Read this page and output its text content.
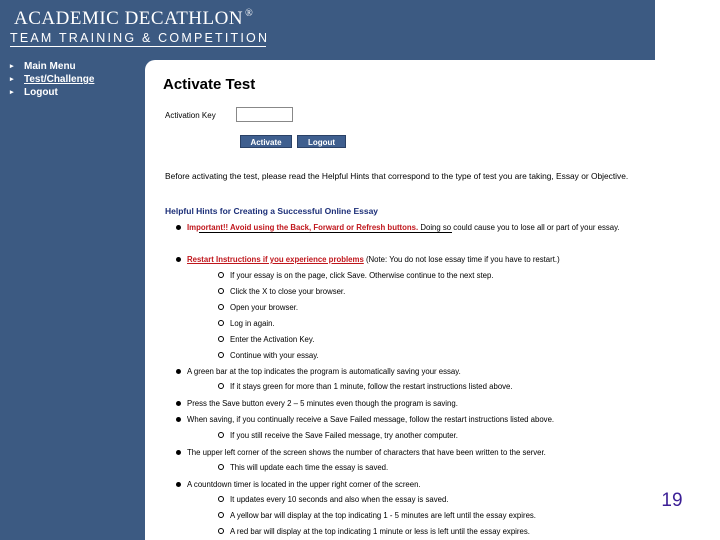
ACADEMIC DECATHLON ®
TEAM TRAINING & COMPETITION
▸	Main Menu
▸	Test/Challenge
▸	Logout	Activate Test
Activation Key
Activate	Logout
Before activating the test, please read the Helpful Hints that correspond to the type of test you are taking, Essay or Objective.
Helpful Hints for Creating a Successful Online Essay
Important!! Avoid using the Back, Forward or Refresh buttons. Doing so could cause you to lose all or part of your essay.
Restart Instructions if you experience problems (Note: You do not lose essay time if you have to restart.)
If your essay is on the page, click Save. Otherwise continue to the next step.
Click the X to close your browser.
Open your browser.
Log in again.
Enter the Activation Key.
Continue with your essay.
A green bar at the top indicates the program is automatically saving your essay.
If it stays green for more than 1 minute, follow the restart instructions listed above.
Press the Save button every 2 – 5 minutes even though the program is saving.
When saving, if you continually receive a Save Failed message, follow the restart instructions listed above.
If you still receive the Save Failed message, try another computer.
The upper left corner of the screen shows the number of characters that have been written to the server.
This will update each time the essay is saved.
A countdown timer is located in the upper right corner of the screen.
It updates every 10 seconds and also when the essay is saved.
A yellow bar will display at the top indicating 1 - 5 minutes are left until the essay expires.
A red bar will display at the top indicating 1 minute or less is left until the essay expires.
19
